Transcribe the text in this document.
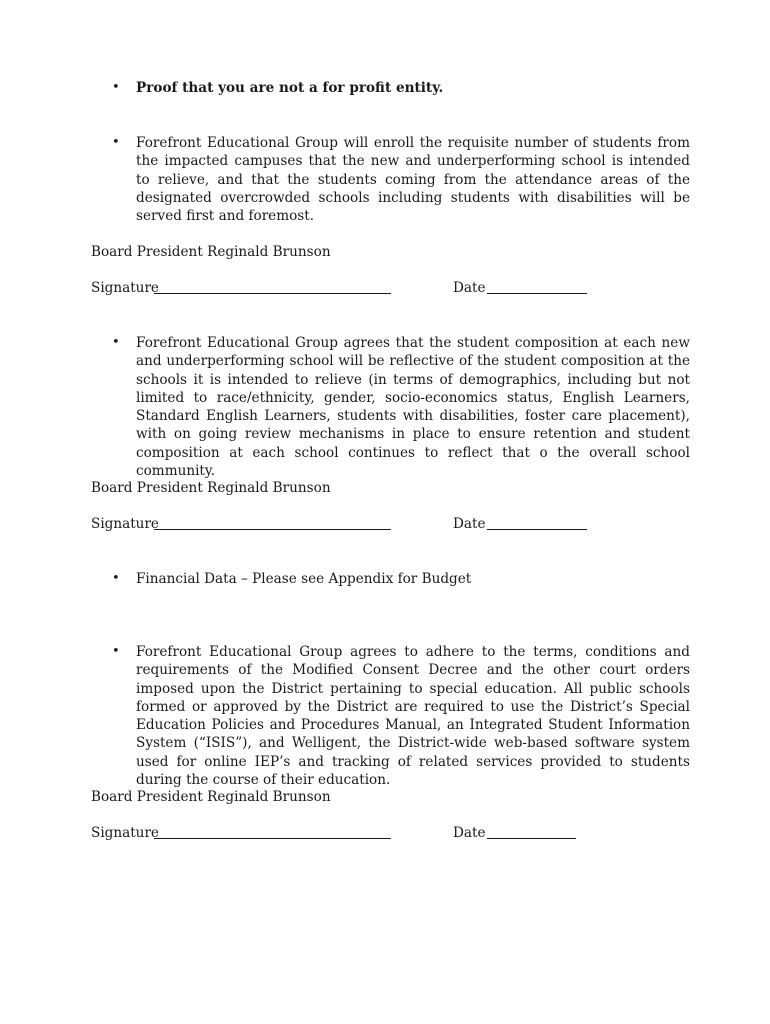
• Proof that you are not a for profit entity.

• Forefront Educational Group will enroll the requisite number of students from the impacted campuses that the new and underperforming school is intended to relieve, and that the students coming from the attendance areas of the designated overcrowded schools including students with disabilities will be served first and foremost.

Board President Reginald Brunson

Signature	Date
• Forefront Educational Group agrees that the student composition at each new and underperforming school will be reflective of the student composition at the schools it is intended to relieve (in terms of demographics, including but not limited to race/ethnicity, gender, socio-economics status, English Learners, Standard English Learners, students with disabilities, foster care placement), with on going review mechanisms in place to ensure retention and student composition at each school continues to reflect that o the overall school community.

Board President Reginald Brunson

Signature	Date
• Financial Data – Please see Appendix for Budget

• Forefront Educational Group agrees to adhere to the terms, conditions and requirements of the Modified Consent Decree and the other court orders imposed upon the District pertaining to special education. All public schools formed or approved by the District are required to use the District’s Special Education Policies and Procedures Manual, an Integrated Student Information System (“ISIS”), and Welligent, the District-wide web-based software system used for online IEP’s and tracking of related services provided to students during the course of their education.

Board President Reginald Brunson

Signature	Date
